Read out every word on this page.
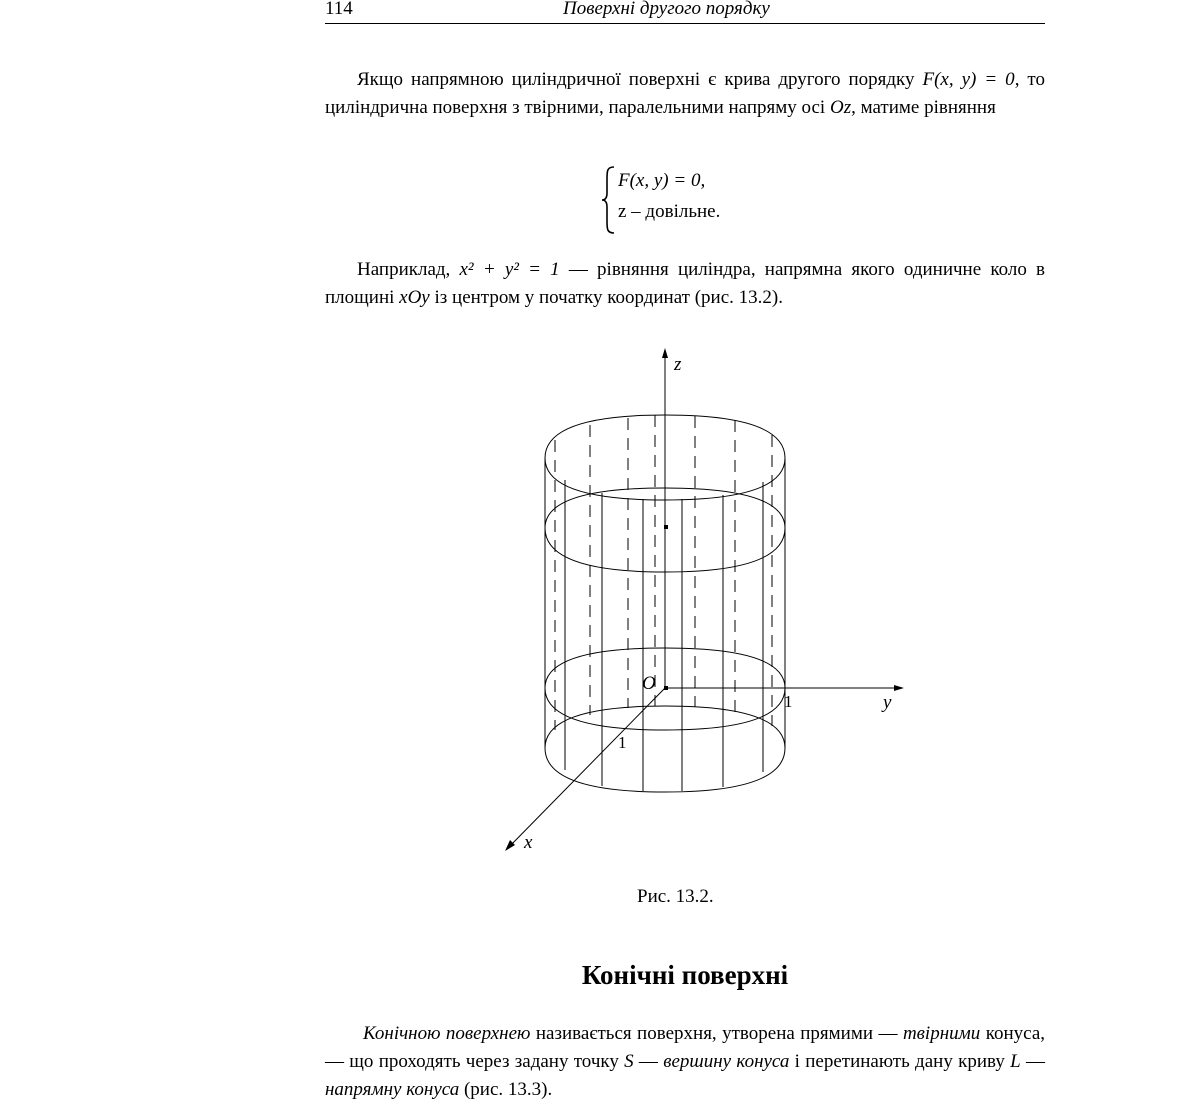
114	Поверхні другого порядку
Якщо напрямною циліндричної поверхні є крива другого порядку F(x, y) = 0, то циліндрична поверхня з твірними, паралельними напряму осі Oz, матиме рівняння
F(x, y) = 0,
z – довільне.
Наприклад, x² + y² = 1 — рівняння циліндра, напрямна якого одиничне коло в площині xOy із центром у початку координат (рис. 13.2).
z
y
x
O
1
1
Рис. 13.2.
Конічні поверхні
Конічною поверхнею називається поверхня, утворена прямими — твірними конуса, — що проходять через задану точку S — вершину конуса і перетинають дану криву L — напрямну конуса (рис. 13.3).
